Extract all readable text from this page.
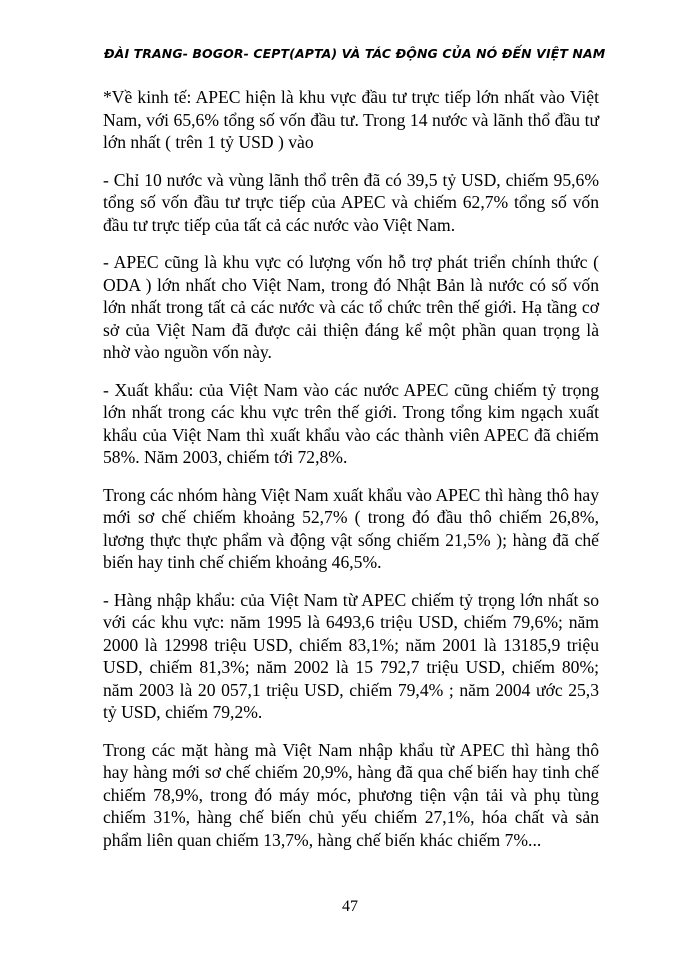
ĐÀI TRANG- BOGOR- CEPT(APTA) VÀ TÁC ĐỘNG CỦA NÓ ĐẾN VIỆT NAM

*Về kinh tế: APEC hiện là khu vực đầu tư trực tiếp lớn nhất vào Việt Nam, với 65,6% tổng số vốn đầu tư. Trong 14 nước và lãnh thổ đầu tư lớn nhất ( trên 1 tỷ USD ) vào

- Chỉ 10 nước và vùng lãnh thổ trên đã có 39,5 tỷ USD, chiếm 95,6% tổng số vốn đầu tư trực tiếp của APEC và chiếm 62,7% tổng số vốn đầu tư trực tiếp của tất cả các nước vào Việt Nam.

- APEC cũng là khu vực có lượng vốn hỗ trợ phát triển chính thức ( ODA ) lớn nhất cho Việt Nam, trong đó Nhật Bản là nước có số vốn lớn nhất trong tất cả các nước và các tổ chức trên thế giới. Hạ tầng cơ sở của Việt Nam đã được cải thiện đáng kể một phần quan trọng là nhờ vào nguồn vốn này.

- Xuất khẩu: của Việt Nam vào các nước APEC cũng chiếm tỷ trọng lớn nhất trong các khu vực trên thế giới. Trong tổng kim ngạch xuất khẩu của Việt Nam thì xuất khẩu vào các thành viên APEC đã chiếm 58%. Năm 2003, chiếm tới 72,8%.

Trong các nhóm hàng Việt Nam xuất khẩu vào APEC thì hàng thô hay mới sơ chế chiếm khoảng 52,7% ( trong đó đầu thô chiếm 26,8%, lương thực thực phẩm và động vật sống chiếm 21,5% ); hàng đã chế biến hay tinh chế chiếm khoảng 46,5%.

- Hàng nhập khẩu: của Việt Nam từ APEC chiếm tỷ trọng lớn nhất so với các khu vực: năm 1995 là 6493,6 triệu USD, chiếm 79,6%; năm 2000 là 12998 triệu USD, chiếm 83,1%; năm 2001 là 13185,9 triệu USD, chiếm 81,3%; năm 2002 là 15 792,7 triệu USD, chiếm 80%; năm 2003 là 20 057,1 triệu USD, chiếm 79,4% ; năm 2004 ước 25,3 tỷ USD, chiếm 79,2%.

Trong các mặt hàng mà Việt Nam nhập khẩu từ APEC thì hàng thô hay hàng mới sơ chế chiếm 20,9%, hàng đã qua chế biến hay tinh chế chiếm 78,9%, trong đó máy móc, phương tiện vận tải và phụ tùng chiếm 31%, hàng chế biến chủ yếu chiếm 27,1%, hóa chất và sản phẩm liên quan chiếm 13,7%, hàng chế biến khác chiếm 7%...

47
